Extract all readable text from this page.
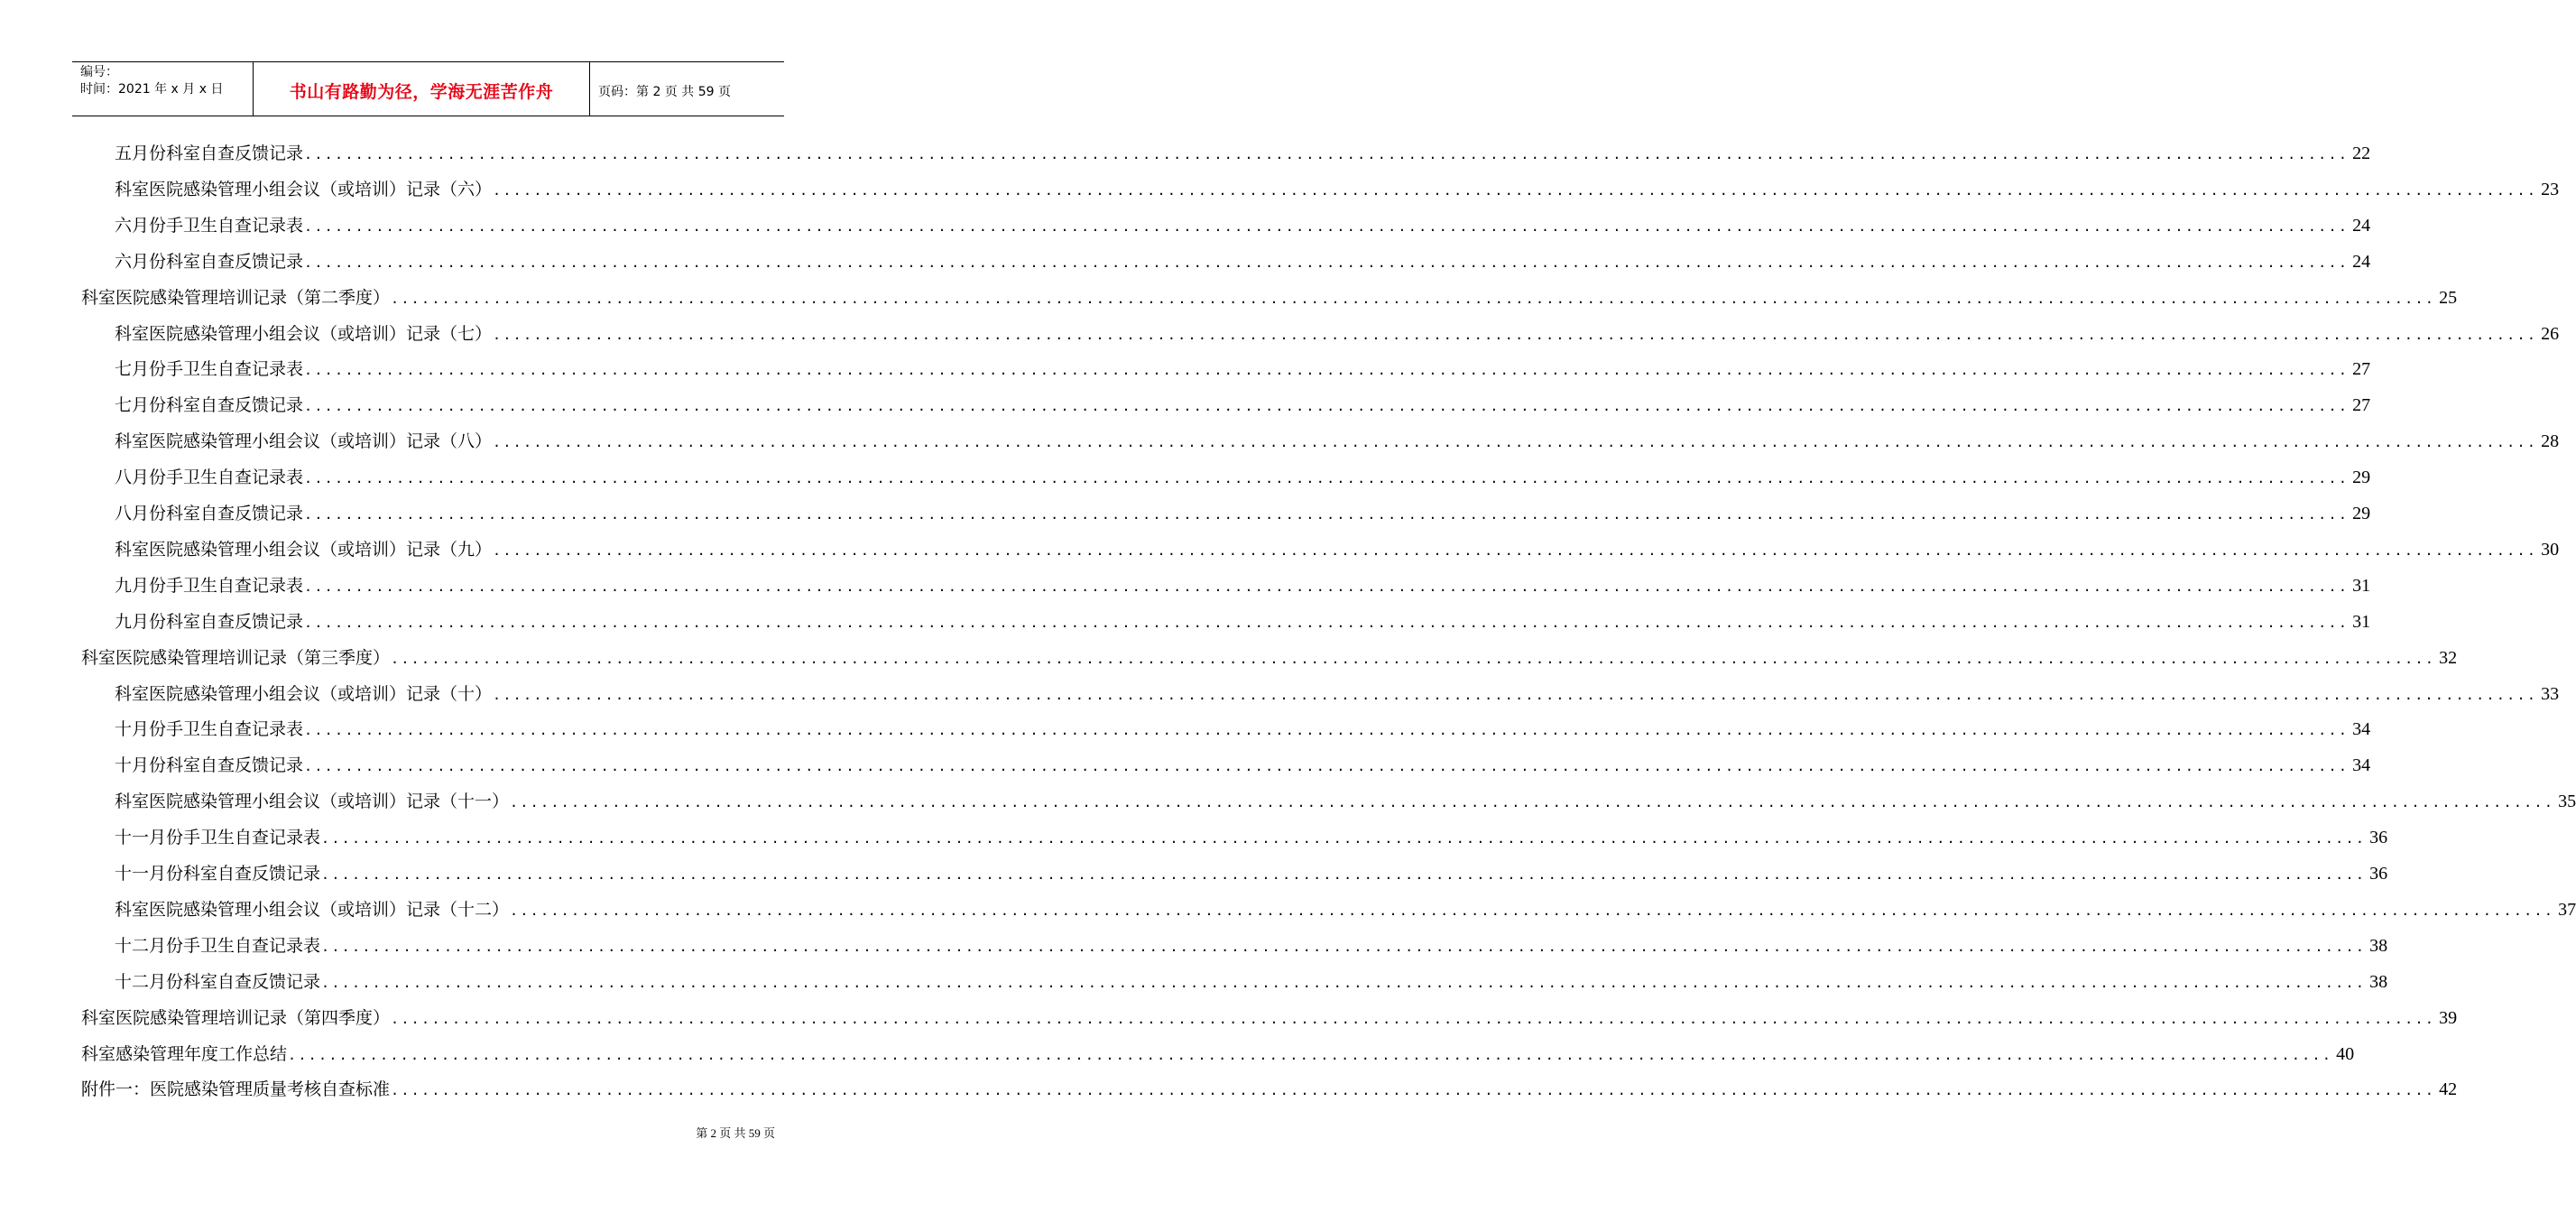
编号：
时间：2021 年 x 月 x 日	书山有路勤为径，学海无涯苦作舟	页码：第 2 页 共 59 页
五月份科室自查反馈记录 ........................................................................................................................................................................................................ 22
科室医院感染管理小组会议（或培训）记录（六） ........................................................................................................................................................................................................ 23
六月份手卫生自查记录表 ........................................................................................................................................................................................................ 24
六月份科室自查反馈记录 ........................................................................................................................................................................................................ 24
科室医院感染管理培训记录（第二季度） ........................................................................................................................................................................................................ 25
科室医院感染管理小组会议（或培训）记录（七） ........................................................................................................................................................................................................ 26
七月份手卫生自查记录表 ........................................................................................................................................................................................................ 27
七月份科室自查反馈记录 ........................................................................................................................................................................................................ 27
科室医院感染管理小组会议（或培训）记录（八） ........................................................................................................................................................................................................ 28
八月份手卫生自查记录表 ........................................................................................................................................................................................................ 29
八月份科室自查反馈记录 ........................................................................................................................................................................................................ 29
科室医院感染管理小组会议（或培训）记录（九） ........................................................................................................................................................................................................ 30
九月份手卫生自查记录表 ........................................................................................................................................................................................................ 31
九月份科室自查反馈记录 ........................................................................................................................................................................................................ 31
科室医院感染管理培训记录（第三季度） ........................................................................................................................................................................................................ 32
科室医院感染管理小组会议（或培训）记录（十） ........................................................................................................................................................................................................ 33
十月份手卫生自查记录表 ........................................................................................................................................................................................................ 34
十月份科室自查反馈记录 ........................................................................................................................................................................................................ 34
科室医院感染管理小组会议（或培训）记录（十一） ........................................................................................................................................................................................................ 35
十一月份手卫生自查记录表 ........................................................................................................................................................................................................ 36
十一月份科室自查反馈记录 ........................................................................................................................................................................................................ 36
科室医院感染管理小组会议（或培训）记录（十二） ........................................................................................................................................................................................................ 37
十二月份手卫生自查记录表 ........................................................................................................................................................................................................ 38
十二月份科室自查反馈记录 ........................................................................................................................................................................................................ 38
科室医院感染管理培训记录（第四季度） ........................................................................................................................................................................................................ 39
科室感染管理年度工作总结 ........................................................................................................................................................................................................ 40
附件一：医院感染管理质量考核自查标准 ........................................................................................................................................................................................................ 42
第 2 页 共 59 页
